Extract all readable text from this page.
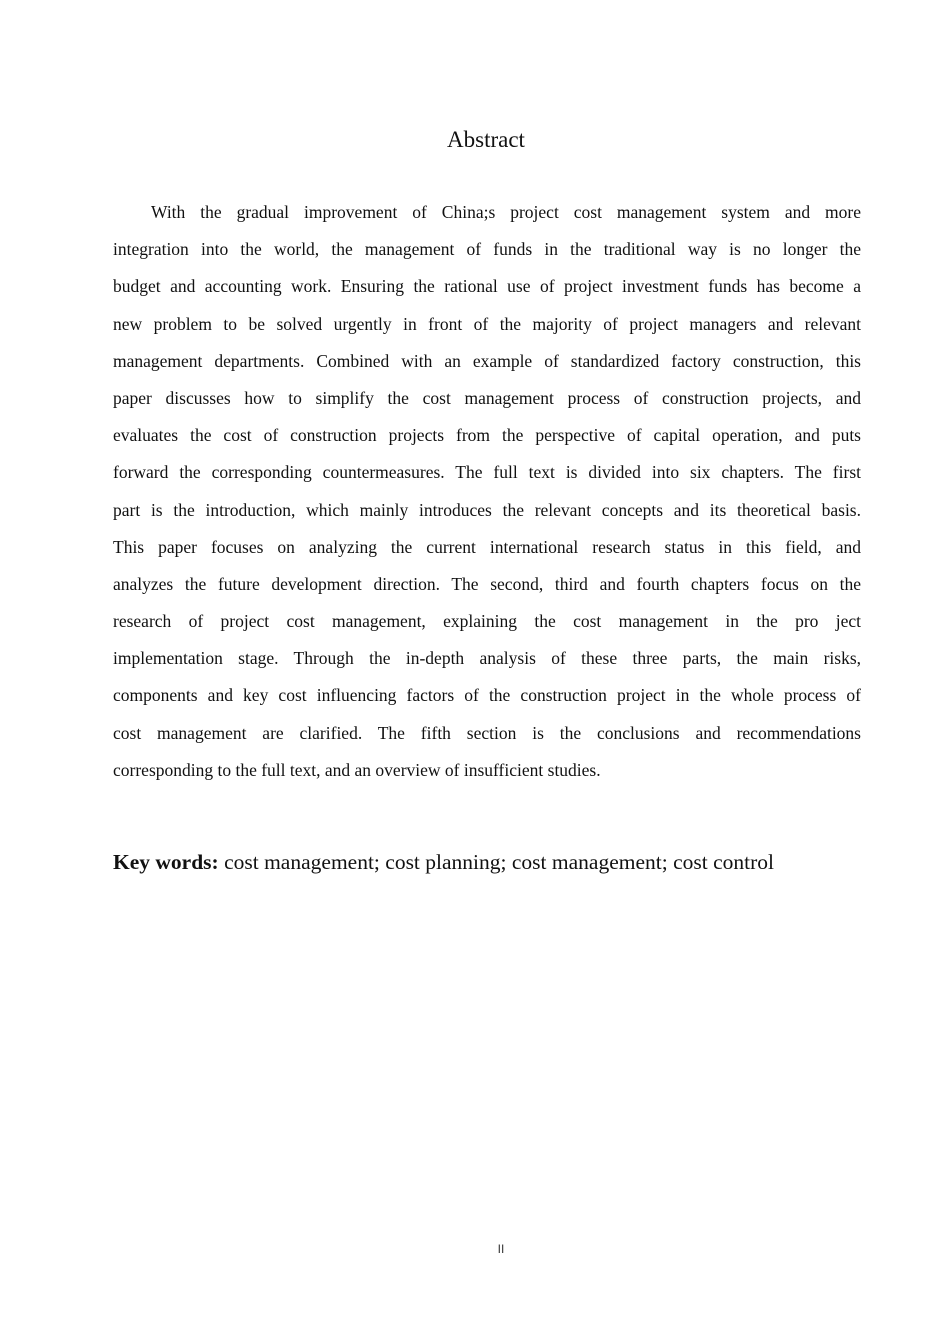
Abstract
With the gradual improvement of China;s project cost management system and more
integration into the world, the management of funds in the traditional way is no longer the
budget and accounting work. Ensuring the rational use of project investment funds has become a
new problem to be solved urgently in front of the majority of project managers and relevant
management departments. Combined with an example of standardized factory construction, this
paper discusses how to simplify the cost management process of construction projects, and
evaluates the cost of construction projects from the perspective of capital operation, and puts
forward the corresponding countermeasures. The full text is divided into six chapters. The first
part is the introduction, which mainly introduces the relevant concepts and its theoretical basis.
This paper focuses on analyzing the current international research status in this field, and
analyzes the future development direction. The second, third and fourth chapters focus on the
research of project cost management, explaining the cost management in the pro ject
implementation stage. Through the in-depth analysis of these three parts, the main risks,
components and key cost influencing factors of the construction project in the whole process of
cost management are clarified. The fifth section is the conclusions and recommendations
corresponding to the full text, and an overview of insufficient studies.
Key words: cost management; cost planning; cost management; cost control
II
